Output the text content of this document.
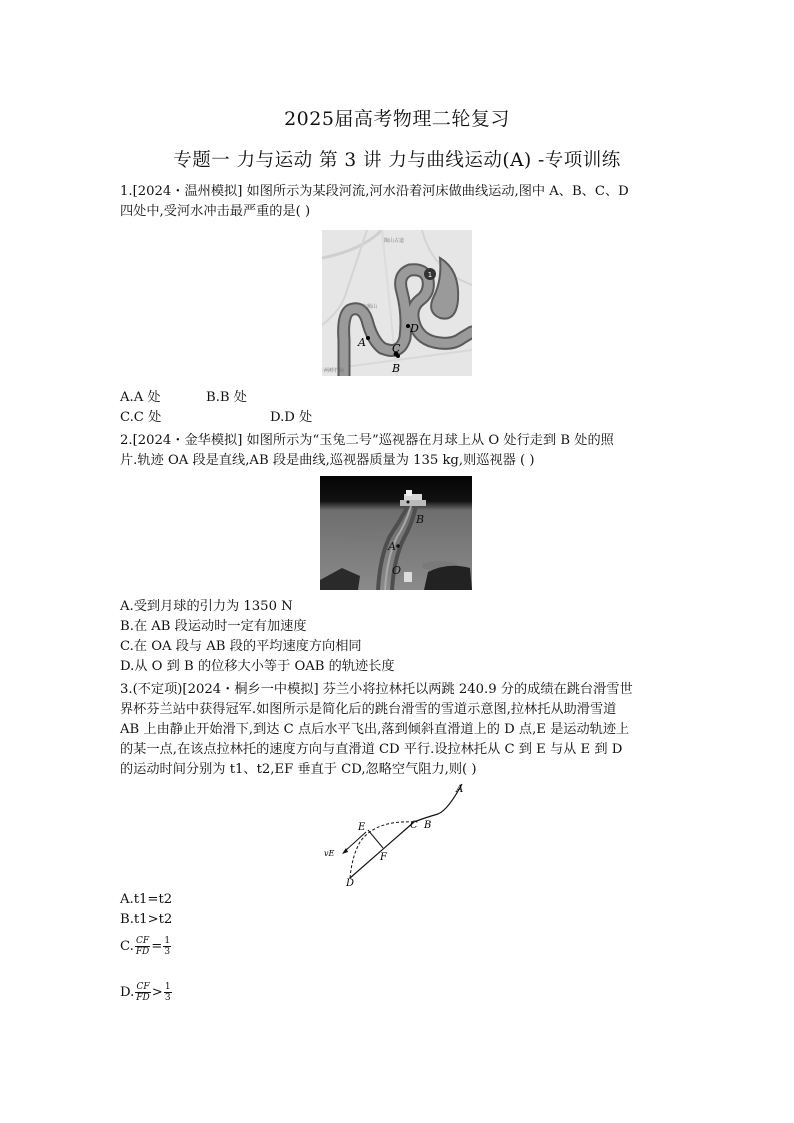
2025届高考物理二轮复习
专题一 力与运动 第 3 讲 力与曲线运动(A) -专项训练
1.[2024・温州模拟] 如图所示为某段河流,河水沿着河床做曲线运动,图中 A、B、C、D
四处中,受河水冲击最严重的是( )
1
A C
B
D
陶山古道
龟额山
两岭石脑
A.A 处	B.B 处
C.C 处	D.D 处
2.[2024・金华模拟] 如图所示为“玉兔二号”巡视器在月球上从 O 处行走到 B 处的照
片.轨迹 OA 段是直线,AB 段是曲线,巡视器质量为 135 kg,则巡视器 ( )
B
A
O
A.受到月球的引力为 1350 N
B.在 AB 段运动时一定有加速度
C.在 OA 段与 AB 段的平均速度方向相同
D.从 O 到 B 的位移大小等于 OAB 的轨迹长度
3.(不定项)[2024・桐乡一中模拟] 芬兰小将拉林托以两跳 240.9 分的成绩在跳台滑雪世
界杯芬兰站中获得冠军.如图所示是简化后的跳台滑雪的雪道示意图,拉林托从助滑雪道
AB 上由静止开始滑下,到达 C 点后水平飞出,落到倾斜直滑道上的 D 点,E 是运动轨迹上
的某一点,在该点拉林托的速度方向与直滑道 CD 平行.设拉林托从 C 到 E 与从 E 到 D
的运动时间分别为 t1、t2,EF 垂直于 CD,忽略空气阻力,则( )
A
C B
E
F
D
vE
A.t1=t2
B.t1>t2
C. $\frac{CF}{FD} = \frac{1}{3}$
D. $\frac{CF}{FD} > \frac{1}{3}$
